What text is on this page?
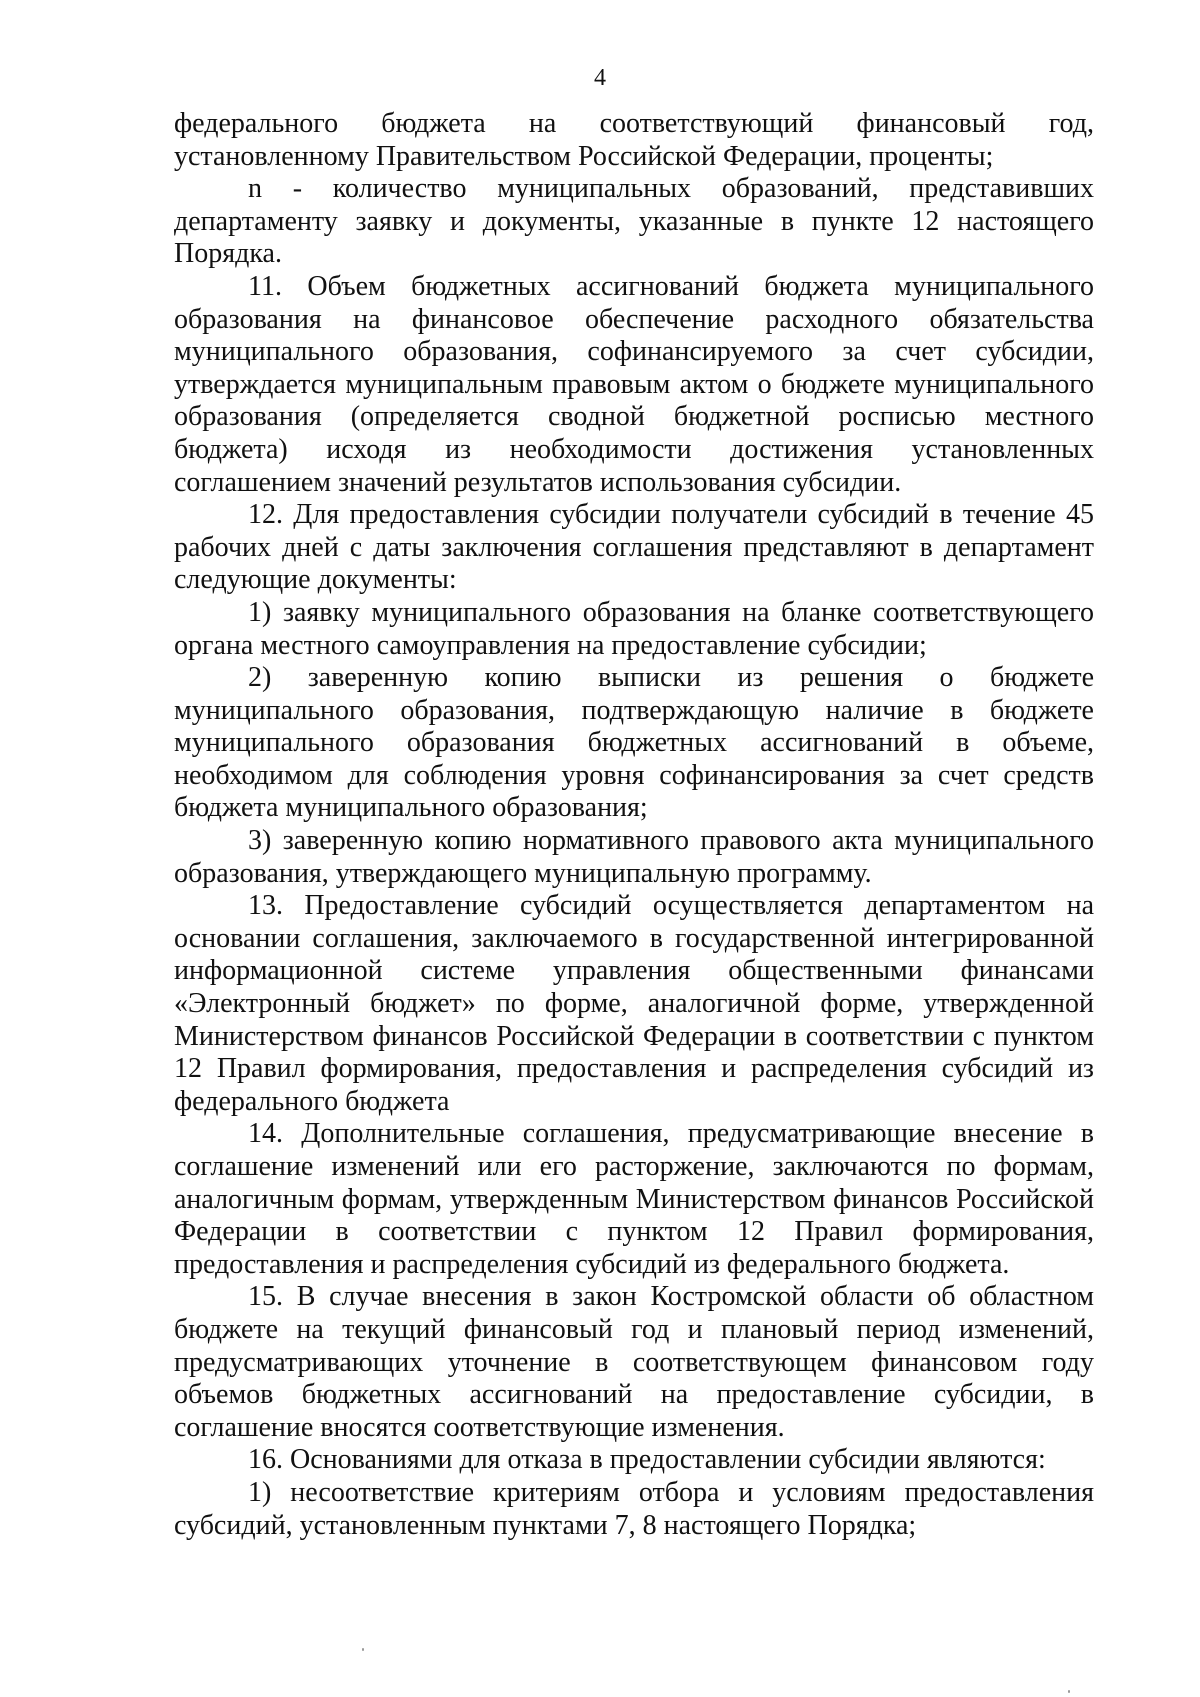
4

федерального бюджета на соответствующий финансовый год, установленному Правительством Российской Федерации, проценты;

n - количество муниципальных образований, представивших департаменту заявку и документы, указанные в пункте 12 настоящего Порядка.

11. Объем бюджетных ассигнований бюджета муниципального образования на финансовое обеспечение расходного обязательства муниципального образования, софинансируемого за счет субсидии, утверждается муниципальным правовым актом о бюджете муниципального образования (определяется сводной бюджетной росписью местного бюджета) исходя из необходимости достижения установленных соглашением значений результатов использования субсидии.

12. Для предоставления субсидии получатели субсидий в течение 45 рабочих дней с даты заключения соглашения представляют в департамент следующие документы:

1) заявку муниципального образования на бланке соответствующего органа местного самоуправления на предоставление субсидии;

2) заверенную копию выписки из решения о бюджете муниципального образования, подтверждающую наличие в бюджете муниципального образования бюджетных ассигнований в объеме, необходимом для соблюдения уровня софинансирования за счет средств бюджета муниципального образования;

3) заверенную копию нормативного правового акта муниципального образования, утверждающего муниципальную программу.

13. Предоставление субсидий осуществляется департаментом на основании соглашения, заключаемого в государственной интегрированной информационной системе управления общественными финансами «Электронный бюджет» по форме, аналогичной форме, утвержденной Министерством финансов Российской Федерации в соответствии с пунктом 12 Правил формирования, предоставления и распределения субсидий из федерального бюджета

14. Дополнительные соглашения, предусматривающие внесение в соглашение изменений или его расторжение, заключаются по формам, аналогичным формам, утвержденным Министерством финансов Российской Федерации в соответствии с пунктом 12 Правил формирования, предоставления и распределения субсидий из федерального бюджета.

15. В случае внесения в закон Костромской области об областном бюджете на текущий финансовый год и плановый период изменений, предусматривающих уточнение в соответствующем финансовом году объемов бюджетных ассигнований на предоставление субсидии, в соглашение вносятся соответствующие изменения.

16. Основаниями для отказа в предоставлении субсидии являются:

1) несоответствие критериям отбора и условиям предоставления субсидий, установленным пунктами 7, 8 настоящего Порядка;
